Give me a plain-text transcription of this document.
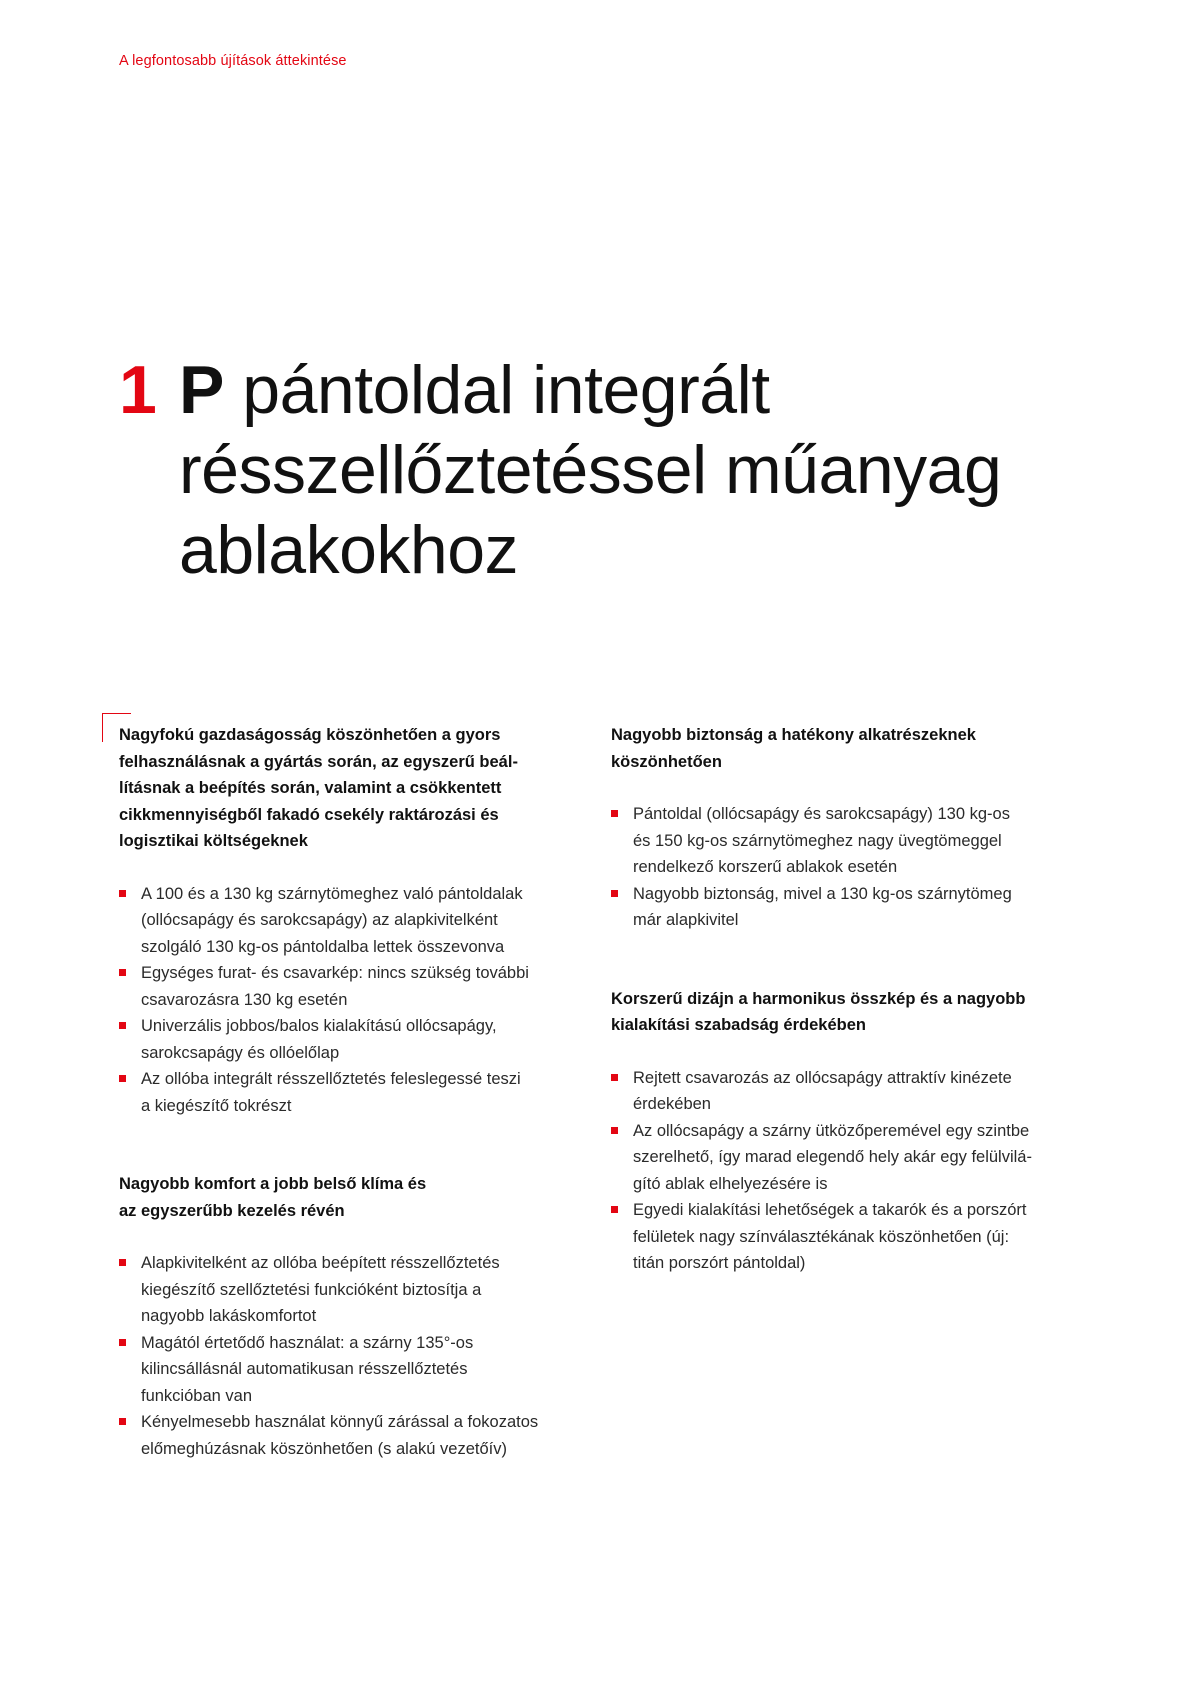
A legfontosabb újítások áttekintése
1 P pántoldal integrált
résszellőztetéssel műanyag
ablakokhoz
Nagyfokú gazdaságosság köszönhetően a gyors
felhasználásnak a gyártás során, az egyszerű beál-
lításnak a beépítés során, valamint a csökkentett
cikkmennyiségből fakadó csekély raktározási és
logisztikai költségeknek
A 100 és a 130 kg szárnytömeghez való pántoldalak
(ollócsapágy és sarokcsapágy) az alapkivitelként
szolgáló 130 kg-os pántoldalba lettek összevonva
Egységes furat- és csavarkép: nincs szükség további
csavarozásra 130 kg esetén
Univerzális jobbos/balos kialakítású ollócsapágy,
sarokcsapágy és ollóelőlap
Az ollóba integrált résszellőztetés feleslegessé teszi
a kiegészítő tokrészt
Nagyobb komfort a jobb belső klíma és
az egyszerűbb kezelés révén
Alapkivitelként az ollóba beépített résszellőztetés
kiegészítő szellőztetési funkcióként biztosítja a
nagyobb lakáskomfortot
Magától értetődő használat: a szárny 135°-os
kilincsállásnál automatikusan résszellőztetés
funkcióban van
Kényelmesebb használat könnyű zárással a fokozatos
előmeghúzásnak köszönhetően (s alakú vezetőív)
Nagyobb biztonság a hatékony alkatrészeknek
köszönhetően
Pántoldal (ollócsapágy és sarokcsapágy) 130 kg-os
és 150 kg-os szárnytömeghez nagy üvegtömeggel
rendelkező korszerű ablakok esetén
Nagyobb biztonság, mivel a 130 kg-os szárnytömeg
már alapkivitel
Korszerű dizájn a harmonikus összkép és a nagyobb
kialakítási szabadság érdekében
Rejtett csavarozás az ollócsapágy attraktív kinézete
érdekében
Az ollócsapágy a szárny ütközőperemével egy szintbe
szerelhető, így marad elegendő hely akár egy felülvilá-
gító ablak elhelyezésére is
Egyedi kialakítási lehetőségek a takarók és a porszórt
felületek nagy színválasztékának köszönhetően (új:
titán porszórt pántoldal)
